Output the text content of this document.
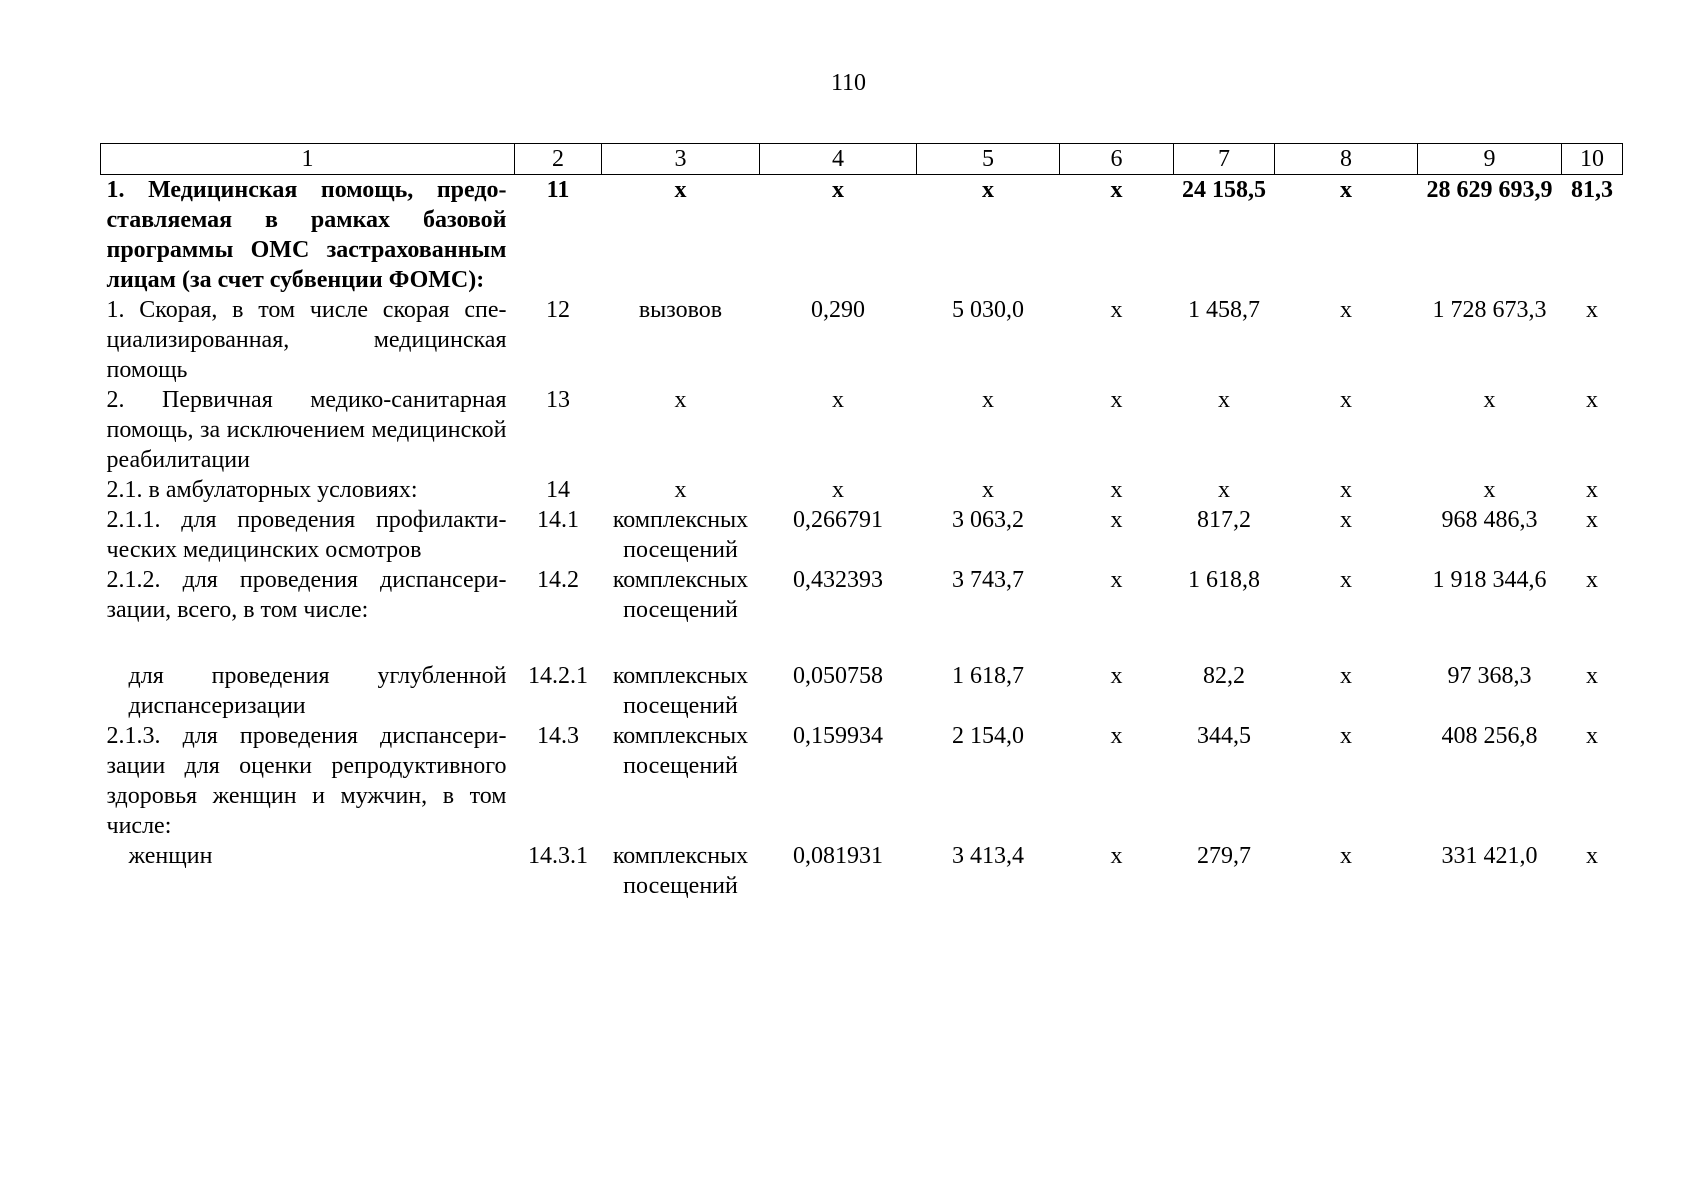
110
1	2	3	4	5	6	7	8	9	10
1. Медицинская помощь, предоставляемая в рамках базовой программы ОМС застрахованным лицам (за счет субвенции ФОМС):	11	х	х	х	х	24 158,5	х	28 629 693,9	81,3
1. Скорая, в том числе скорая специализированная, медицинская помощь	12	вызовов	0,290	5 030,0	х	1 458,7	х	1 728 673,3	х
2. Первичная медико-санитарная помощь, за исключением медицинской реабилитации	13	х	х	х	х	х	х	х	х
2.1. в амбулаторных условиях:	14	х	х	х	х	х	х	х	х
2.1.1. для проведения профилактических медицинских осмотров	14.1	комплексных посещений	0,266791	3 063,2	х	817,2	х	968 486,3	х
2.1.2. для проведения диспансеризации, всего, в том числе:	14.2	комплексных посещений	0,432393	3 743,7	х	1 618,8	х	1 918 344,6	х

для проведения углубленной диспансеризации	14.2.1	комплексных посещений	0,050758	1 618,7	х	82,2	х	97 368,3	х
2.1.3. для проведения диспансеризации для оценки репродуктивного здоровья женщин и мужчин, в том числе:	14.3	комплексных посещений	0,159934	2 154,0	х	344,5	х	408 256,8	х
женщин	14.3.1	комплексных посещений	0,081931	3 413,4	х	279,7	х	331 421,0	х
